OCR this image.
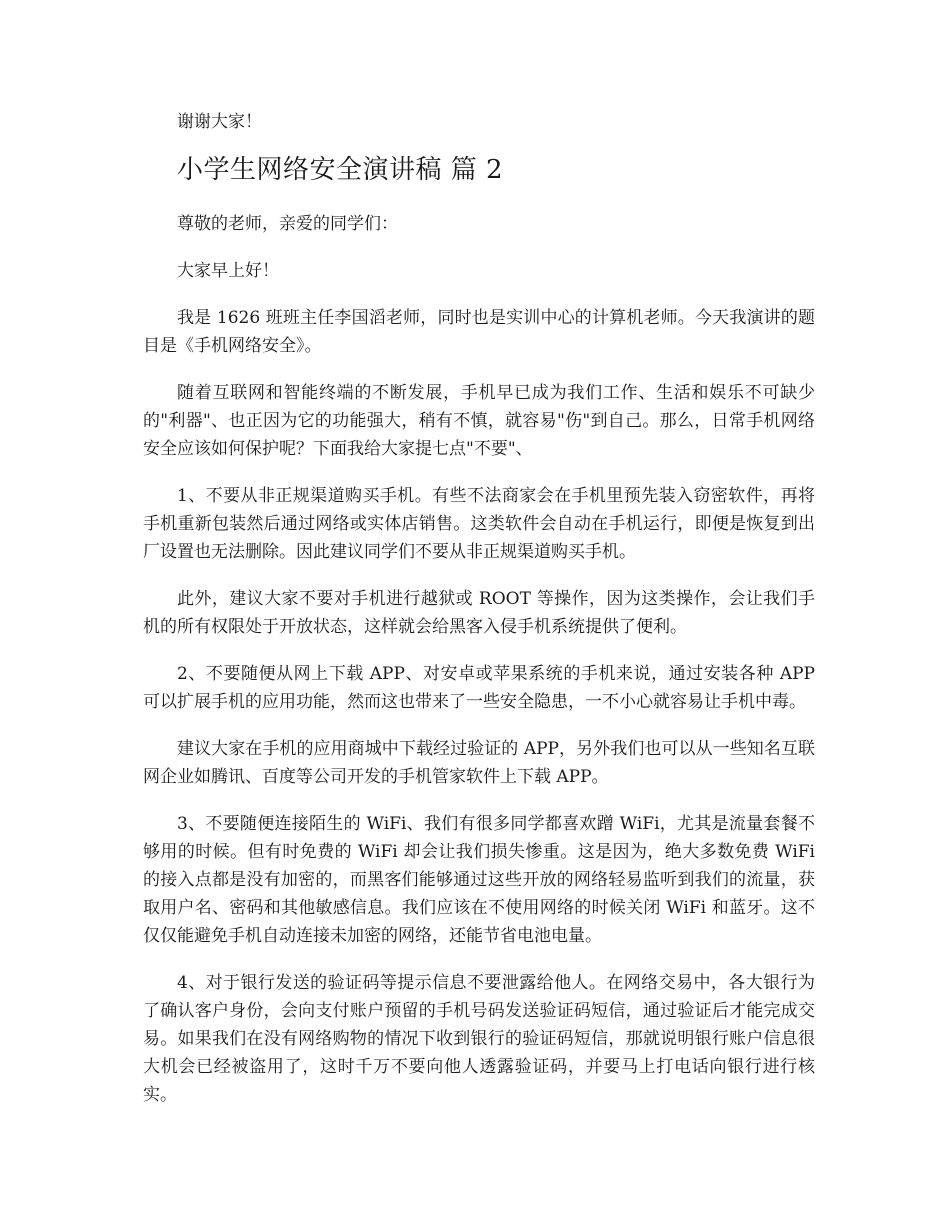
谢谢大家！

小学生网络安全演讲稿 篇 2

尊敬的老师，亲爱的同学们：

大家早上好！

我是 1626 班班主任李国滔老师，同时也是实训中心的计算机老师。今天我演讲的题目是《手机网络安全》。

随着互联网和智能终端的不断发展，手机早已成为我们工作、生活和娱乐不可缺少的"利器"、也正因为它的功能强大，稍有不慎，就容易"伤"到自己。那么，日常手机网络安全应该如何保护呢？下面我给大家提七点"不要"、

1、不要从非正规渠道购买手机。有些不法商家会在手机里预先装入窃密软件，再将手机重新包装然后通过网络或实体店销售。这类软件会自动在手机运行，即便是恢复到出厂设置也无法删除。因此建议同学们不要从非正规渠道购买手机。

此外，建议大家不要对手机进行越狱或 ROOT 等操作，因为这类操作，会让我们手机的所有权限处于开放状态，这样就会给黑客入侵手机系统提供了便利。

2、不要随便从网上下载 APP、对安卓或苹果系统的手机来说，通过安装各种 APP 可以扩展手机的应用功能，然而这也带来了一些安全隐患，一不小心就容易让手机中毒。

建议大家在手机的应用商城中下载经过验证的 APP，另外我们也可以从一些知名互联网企业如腾讯、百度等公司开发的手机管家软件上下载 APP。

3、不要随便连接陌生的 WiFi、我们有很多同学都喜欢蹭 WiFi，尤其是流量套餐不够用的时候。但有时免费的 WiFi 却会让我们损失惨重。这是因为，绝大多数免费 WiFi 的接入点都是没有加密的，而黑客们能够通过这些开放的网络轻易监听到我们的流量，获取用户名、密码和其他敏感信息。我们应该在不使用网络的时候关闭 WiFi 和蓝牙。这不仅仅能避免手机自动连接未加密的网络，还能节省电池电量。

4、对于银行发送的验证码等提示信息不要泄露给他人。在网络交易中，各大银行为了确认客户身份，会向支付账户预留的手机号码发送验证码短信，通过验证后才能完成交易。如果我们在没有网络购物的情况下收到银行的验证码短信，那就说明银行账户信息很大机会已经被盗用了，这时千万不要向他人透露验证码，并要马上打电话向银行进行核实。
